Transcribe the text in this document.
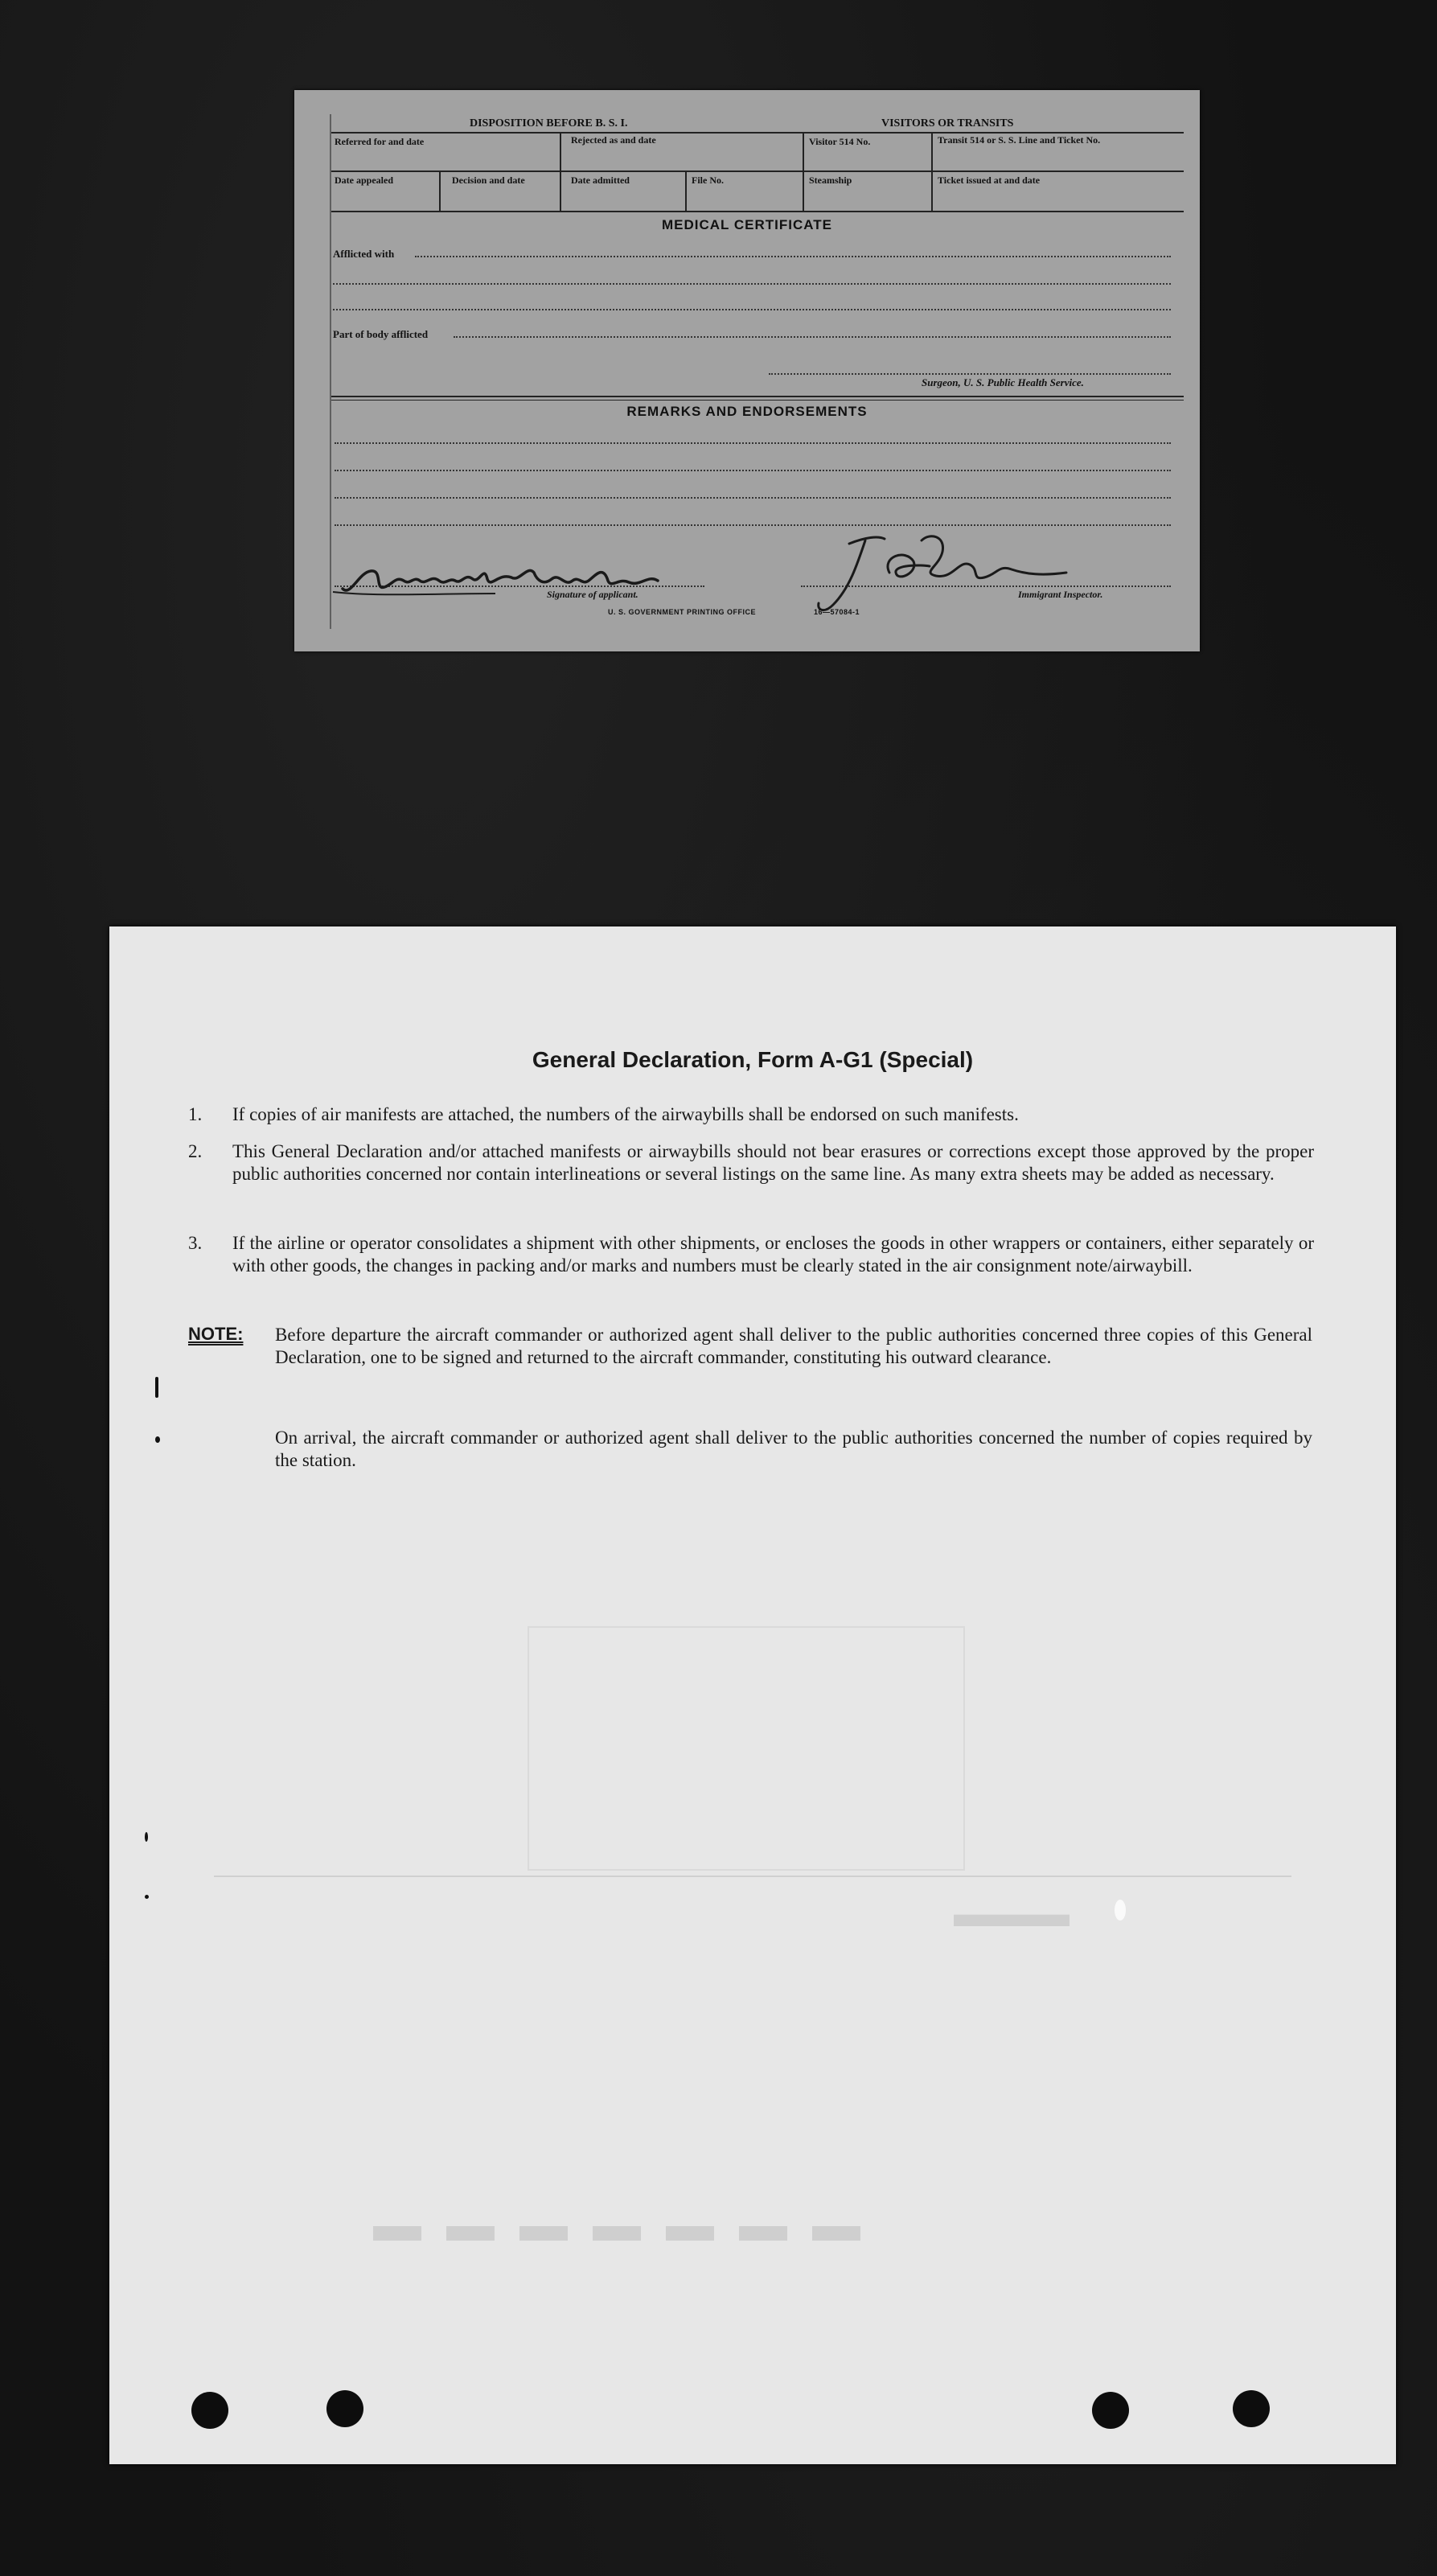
DISPOSITION BEFORE B. S. I.	VISITORS OR TRANSITS
Referred for and date	Rejected as and date	Visitor 514 No.	Transit 514 or S. S. Line and Ticket No.
Date appealed	Decision and date	Date admitted	File No.	Steamship	Ticket issued at and date
MEDICAL CERTIFICATE
Afflicted with
Part of body afflicted
Surgeon, U. S. Public Health Service.
REMARKS AND ENDORSEMENTS
Signature of applicant.	Immigrant Inspector.
U. S. GOVERNMENT PRINTING OFFICE	16—57084-1
▬ ▬ ▬ ▬ ▬ ▬ ▬
▬▬▬
General Declaration, Form A-G1 (Special)
1. If copies of air manifests are attached, the numbers of the airwaybills shall be endorsed on such manifests.
2. This General Declaration and/or attached manifests or airwaybills should not bear erasures or corrections except those approved by the proper public authorities concerned nor contain interlineations or several listings on the same line. As many extra sheets may be added as necessary.
3. If the airline or operator consolidates a shipment with other shipments, or encloses the goods in other wrappers or containers, either separately or with other goods, the changes in packing and/or marks and numbers must be clearly stated in the air consignment note/airwaybill.
NOTE: Before departure the aircraft commander or authorized agent shall deliver to the public authorities concerned three copies of this General Declaration, one to be signed and returned to the aircraft commander, constituting his outward clearance.
On arrival, the aircraft commander or authorized agent shall deliver to the public authorities concerned the number of copies required by the station.
